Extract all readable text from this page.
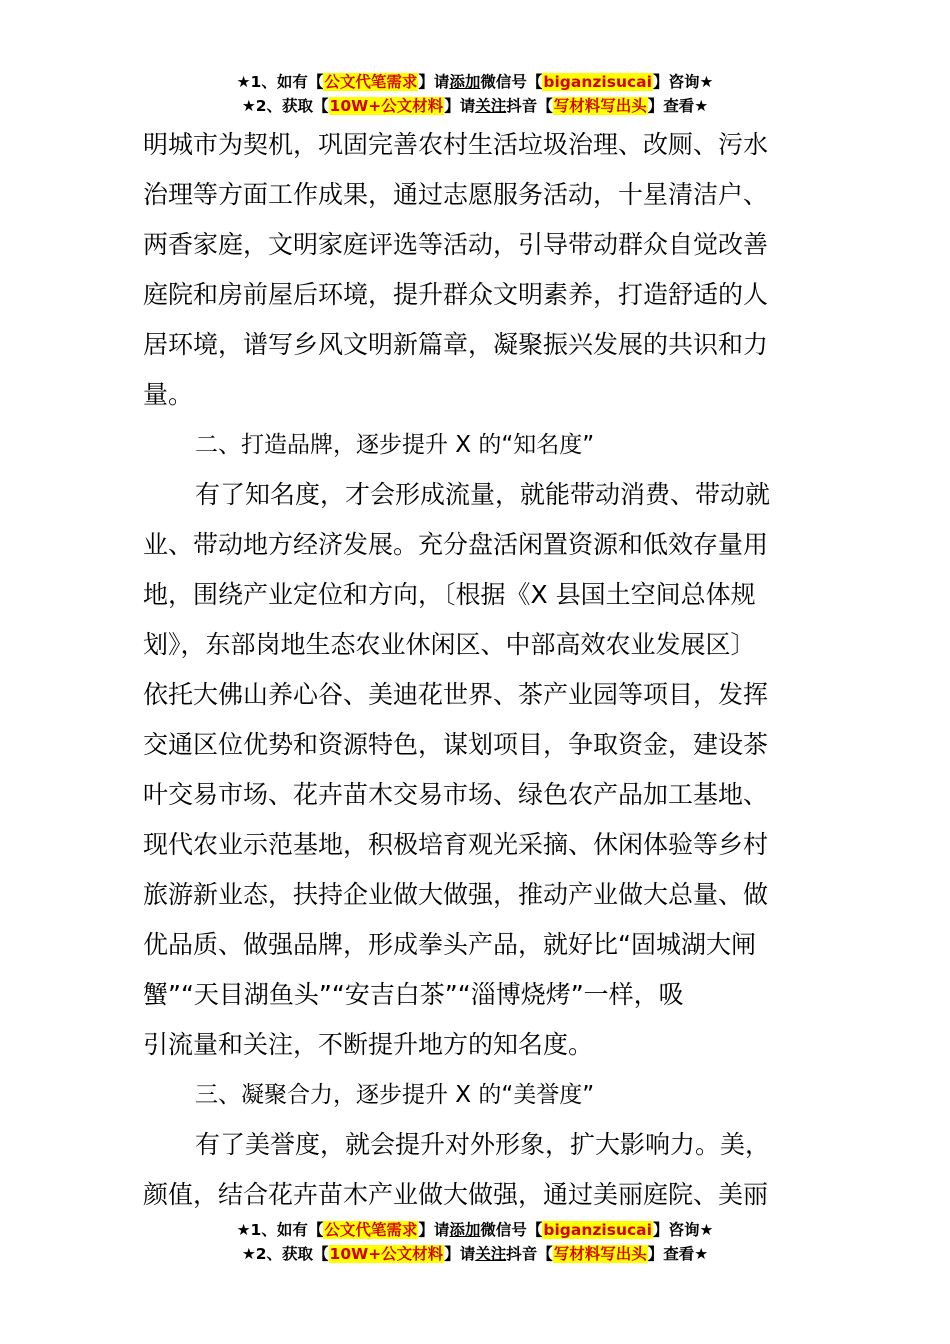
★1、如有【公文代笔需求】请添加微信号【biganzisucai】咨询★
★2、获取【10W+公文材料】请关注抖音【写材料写出头】查看★
明城市为契机，巩固完善农村生活垃圾治理、改厕、污水
治理等方面工作成果，通过志愿服务活动，十星清洁户、
两香家庭，文明家庭评选等活动，引导带动群众自觉改善
庭院和房前屋后环境，提升群众文明素养，打造舒适的人
居环境，谱写乡风文明新篇章，凝聚振兴发展的共识和力
量。
二、打造品牌，逐步提升 X 的“知名度”
有了知名度，才会形成流量，就能带动消费、带动就
业、带动地方经济发展。充分盘活闲置资源和低效存量用
地，围绕产业定位和方向，〔根据《X 县国土空间总体规
划》，东部岗地生态农业休闲区、中部高效农业发展区〕
依托大佛山养心谷、美迪花世界、茶产业园等项目，发挥
交通区位优势和资源特色，谋划项目，争取资金，建设茶
叶交易市场、花卉苗木交易市场、绿色农产品加工基地、
现代农业示范基地，积极培育观光采摘、休闲体验等乡村
旅游新业态，扶持企业做大做强，推动产业做大总量、做
优品质、做强品牌，形成拳头产品，就好比“固城湖大闸
蟹”“天目湖鱼头”“安吉白茶”“淄博烧烤”一样，吸
引流量和关注，不断提升地方的知名度。
三、凝聚合力，逐步提升 X 的“美誉度”
有了美誉度，就会提升对外形象，扩大影响力。美，
颜值，结合花卉苗木产业做大做强，通过美丽庭院、美丽
★1、如有【公文代笔需求】请添加微信号【biganzisucai】咨询★
★2、获取【10W+公文材料】请关注抖音【写材料写出头】查看★
